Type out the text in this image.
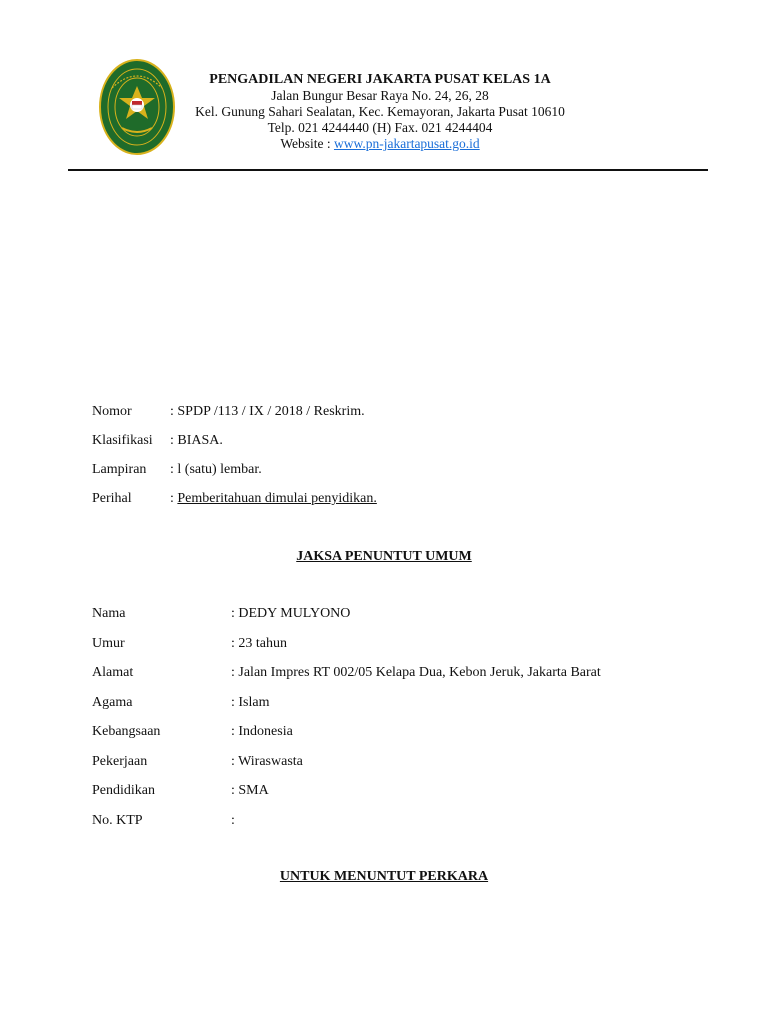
PENGADILAN NEGERI JAKARTA PUSAT KELAS 1A
Jalan Bungur Besar Raya No. 24, 26, 28
Kel. Gunung Sahari Sealatan, Kec. Kemayoran, Jakarta Pusat 10610
Telp. 021 4244440 (H) Fax. 021 4244404
Website : www.pn-jakartapusat.go.id
Nomor	: SPDP /113 / IX / 2018 / Reskrim.
Klasifikasi	: BIASA.
Lampiran	: l (satu) lembar.
Perihal	: Pemberitahuan dimulai penyidikan.
JAKSA PENUNTUT UMUM
Nama	: DEDY MULYONO
Umur	: 23 tahun
Alamat	: Jalan Impres RT 002/05 Kelapa Dua, Kebon Jeruk, Jakarta Barat
Agama	: Islam
Kebangsaan	: Indonesia
Pekerjaan	: Wiraswasta
Pendidikan	: SMA
No. KTP	:
UNTUK MENUNTUT PERKARA
